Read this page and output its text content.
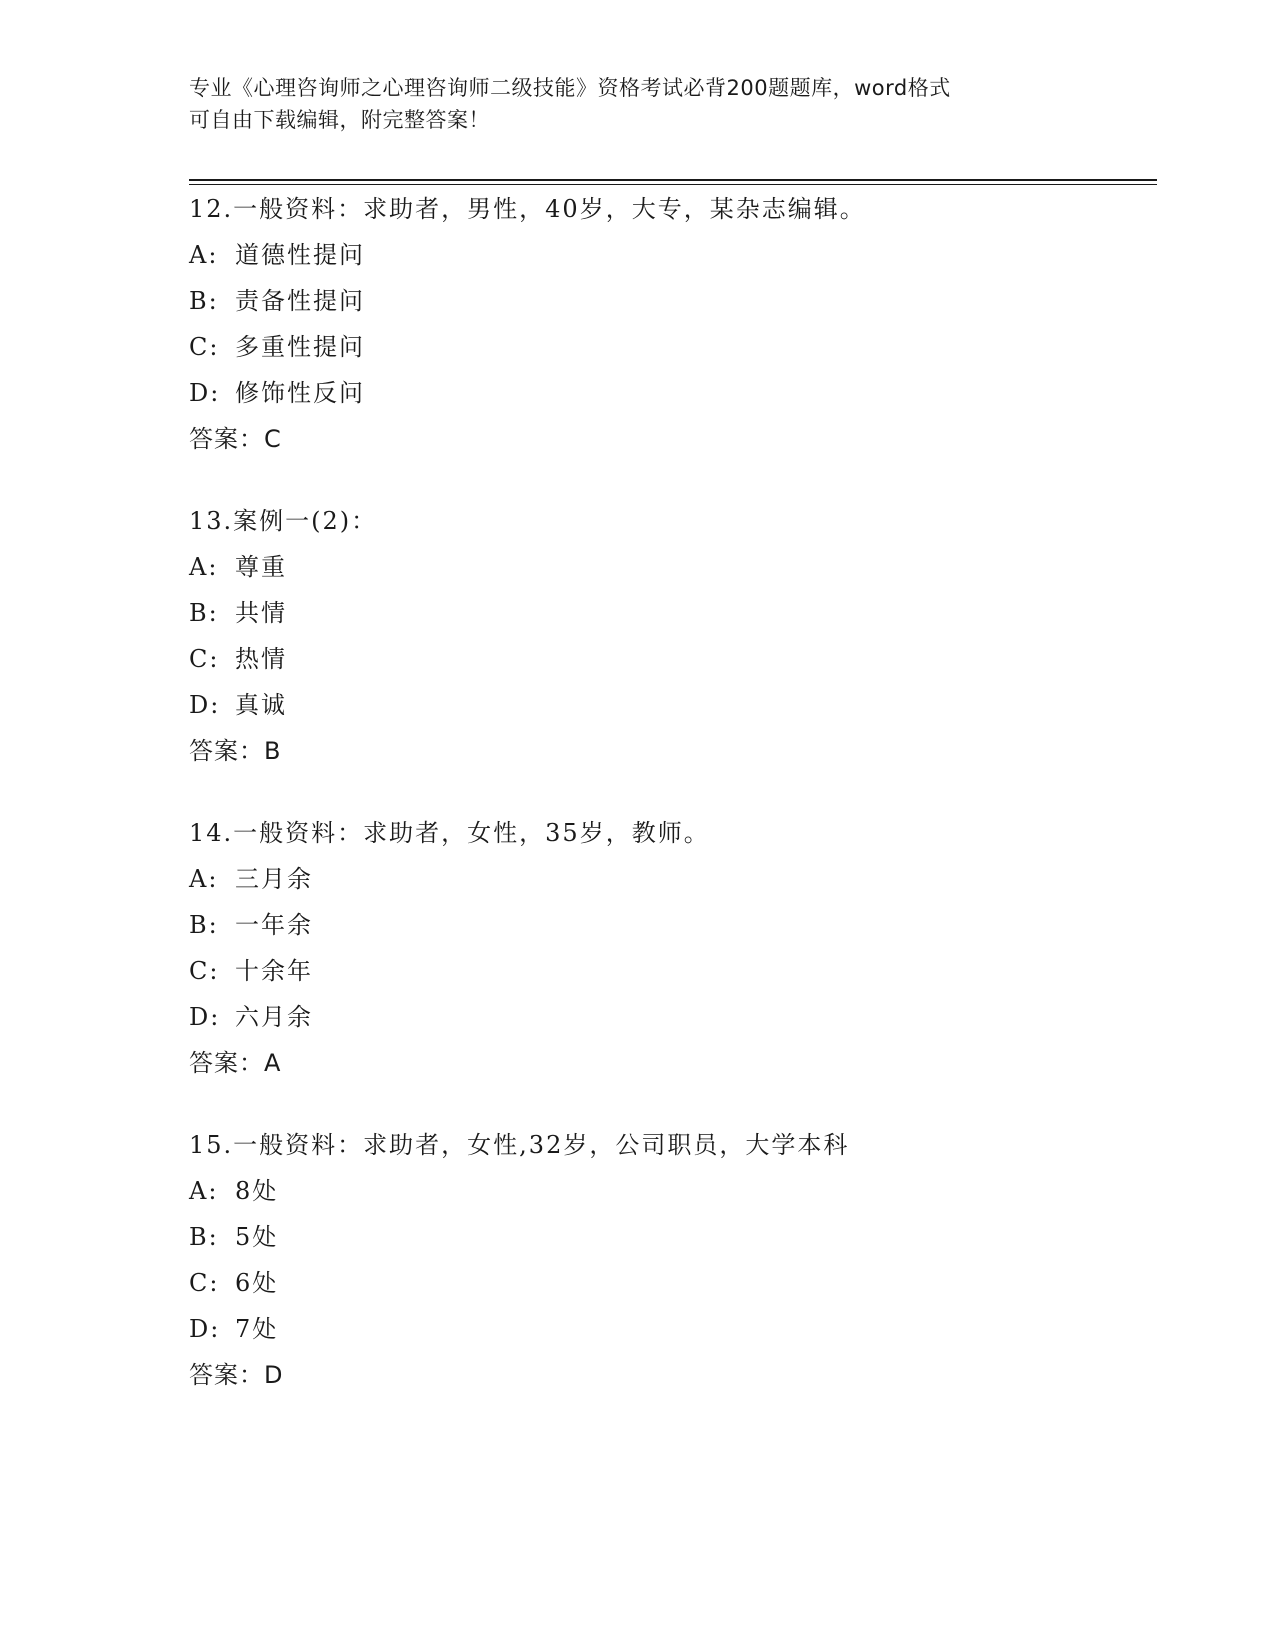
专业《心理咨询师之心理咨询师二级技能》资格考试必背200题题库，word格式
可自由下载编辑，附完整答案！
12.一般资料：求助者，男性，40岁，大专，某杂志编辑。
A: 道德性提问
B: 责备性提问
C: 多重性提问
D: 修饰性反问
答案：C
13.案例一(2)：
A: 尊重
B: 共情
C: 热情
D: 真诚
答案：B
14.一般资料：求助者，女性，35岁，教师。
A: 三月余
B: 一年余
C: 十余年
D: 六月余
答案：A
15.一般资料：求助者，女性,32岁，公司职员，大学本科
A: 8处
B: 5处
C: 6处
D: 7处
答案：D
